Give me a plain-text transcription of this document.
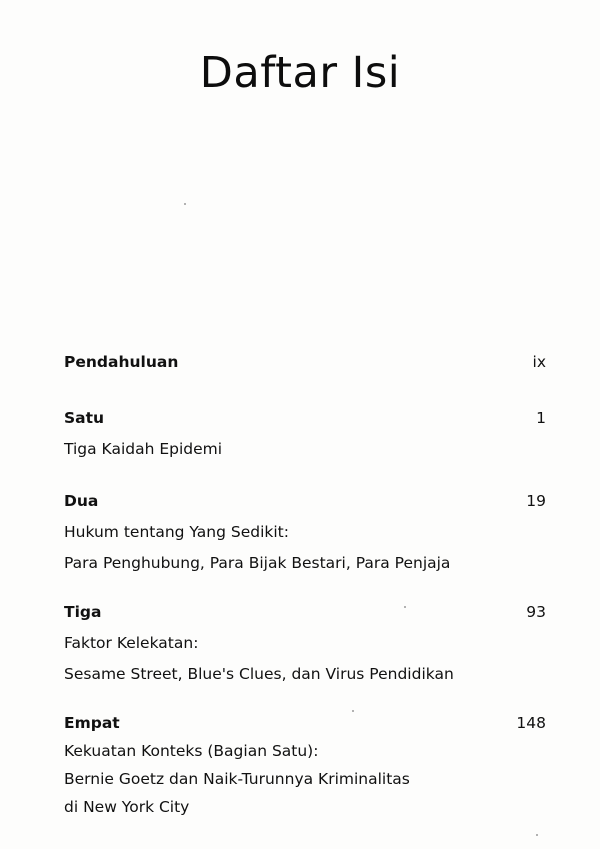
Daftar Isi
Pendahuluan	ix
Satu	1
Tiga Kaidah Epidemi
Dua	19
Hukum tentang Yang Sedikit:
Para Penghubung, Para Bijak Bestari, Para Penjaja
Tiga	93
Faktor Kelekatan:
Sesame Street, Blue's Clues, dan Virus Pendidikan
Empat	148
Kekuatan Konteks (Bagian Satu):
Bernie Goetz dan Naik-Turunnya Kriminalitas
di New York City
